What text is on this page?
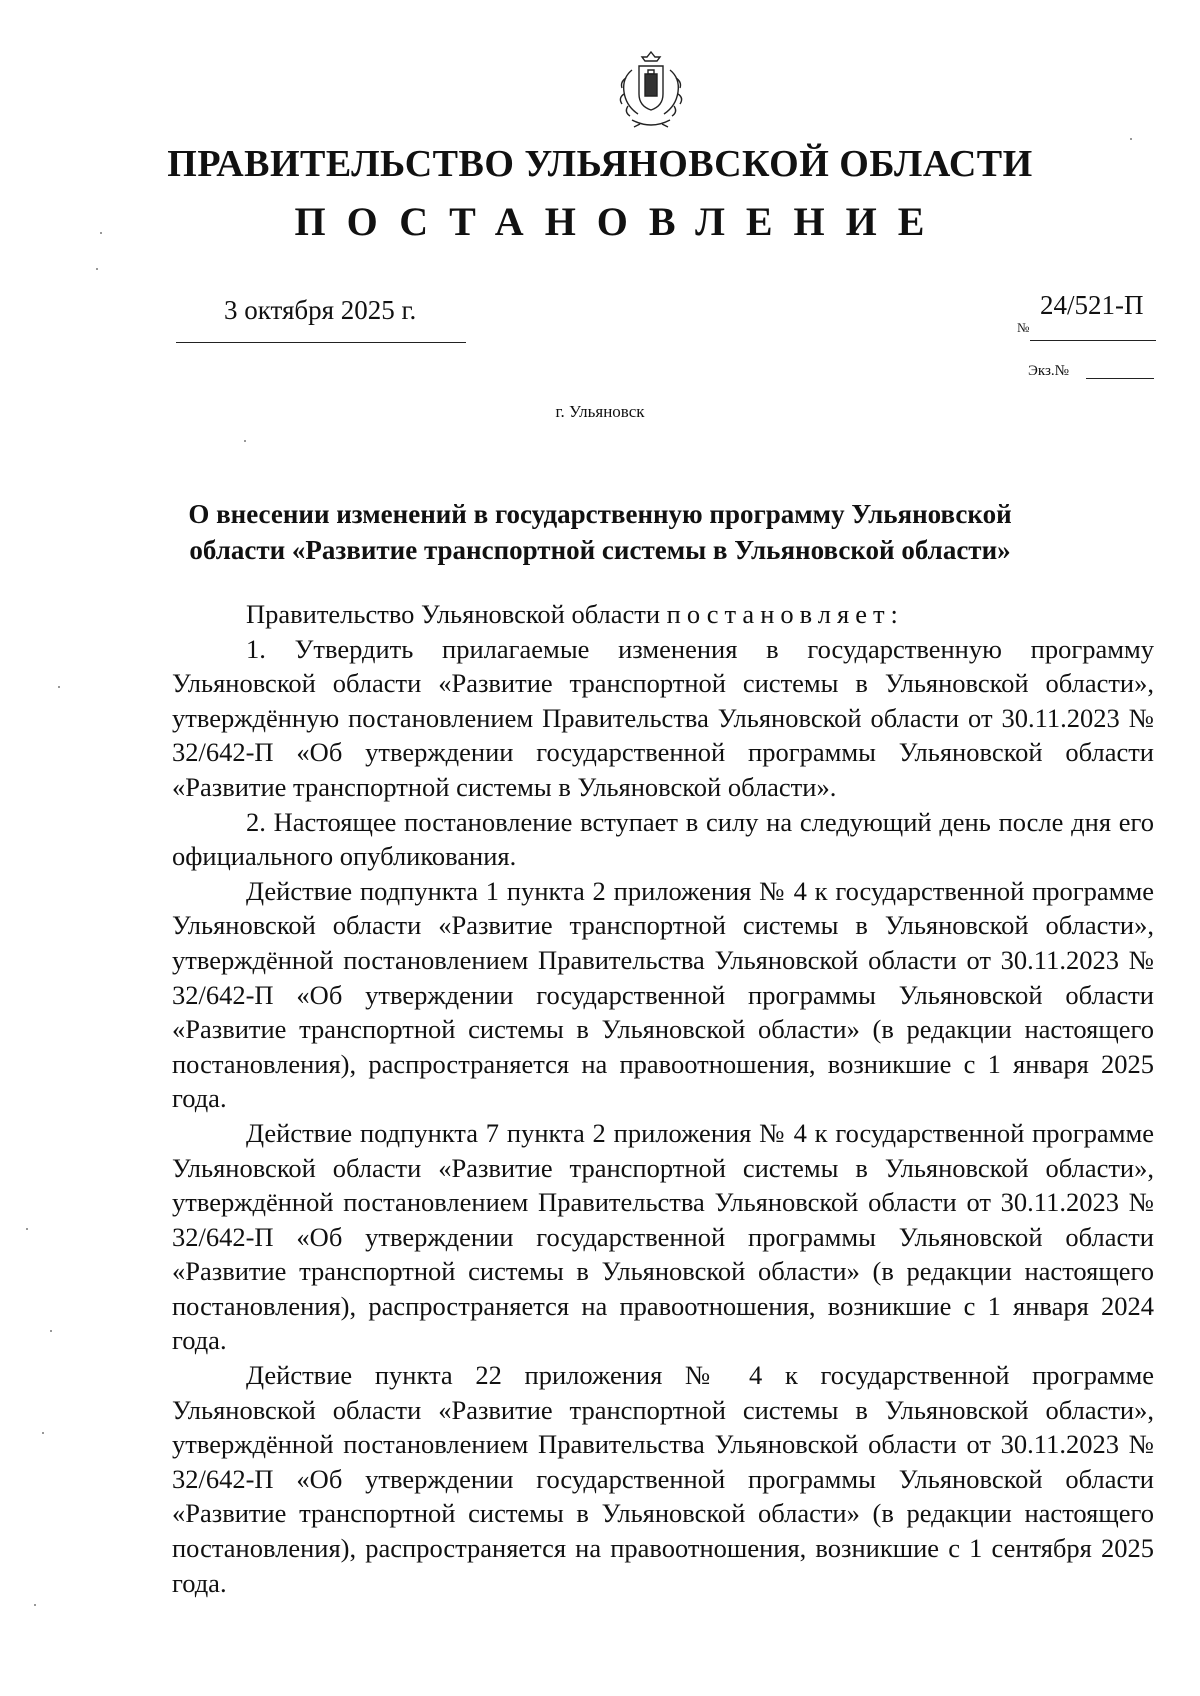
ПРАВИТЕЛЬСТВО УЛЬЯНОВСКОЙ ОБЛАСТИ
ПОСТАНОВЛЕНИЕ
3 октября 2025 г.
№
24/521-П
Экз.№
г. Ульяновск
О внесении изменений в государственную программу Ульяновской области «Развитие транспортной системы в Ульяновской области»

Правительство Ульяновской области постановляет:

1. Утвердить прилагаемые изменения в государственную программу Ульяновской области «Развитие транспортной системы в Ульяновской области», утверждённую постановлением Правительства Ульяновской области от 30.11.2023 № 32/642-П «Об утверждении государственной программы Ульяновской области «Развитие транспортной системы в Ульяновской области».

2. Настоящее постановление вступает в силу на следующий день после дня его официального опубликования.

Действие подпункта 1 пункта 2 приложения № 4 к государственной программе Ульяновской области «Развитие транспортной системы в Ульяновской области», утверждённой постановлением Правительства Ульяновской области от 30.11.2023 № 32/642-П «Об утверждении государственной программы Ульяновской области «Развитие транспортной системы в Ульяновской области» (в редакции настоящего постановления), распространяется на правоотношения, возникшие с 1 января 2025 года.

Действие подпункта 7 пункта 2 приложения № 4 к государственной программе Ульяновской области «Развитие транспортной системы в Ульяновской области», утверждённой постановлением Правительства Ульяновской области от 30.11.2023 № 32/642-П «Об утверждении государственной программы Ульяновской области «Развитие транспортной системы в Ульяновской области» (в редакции настоящего постановления), распространяется на правоотношения, возникшие с 1 января 2024 года.

Действие пункта 22 приложения № 4 к государственной программе Ульяновской области «Развитие транспортной системы в Ульяновской области», утверждённой постановлением Правительства Ульяновской области от 30.11.2023 № 32/642-П «Об утверждении государственной программы Ульяновской области «Развитие транспортной системы в Ульяновской области» (в редакции настоящего постановления), распространяется на правоотношения, возникшие с 1 сентября 2025 года.
